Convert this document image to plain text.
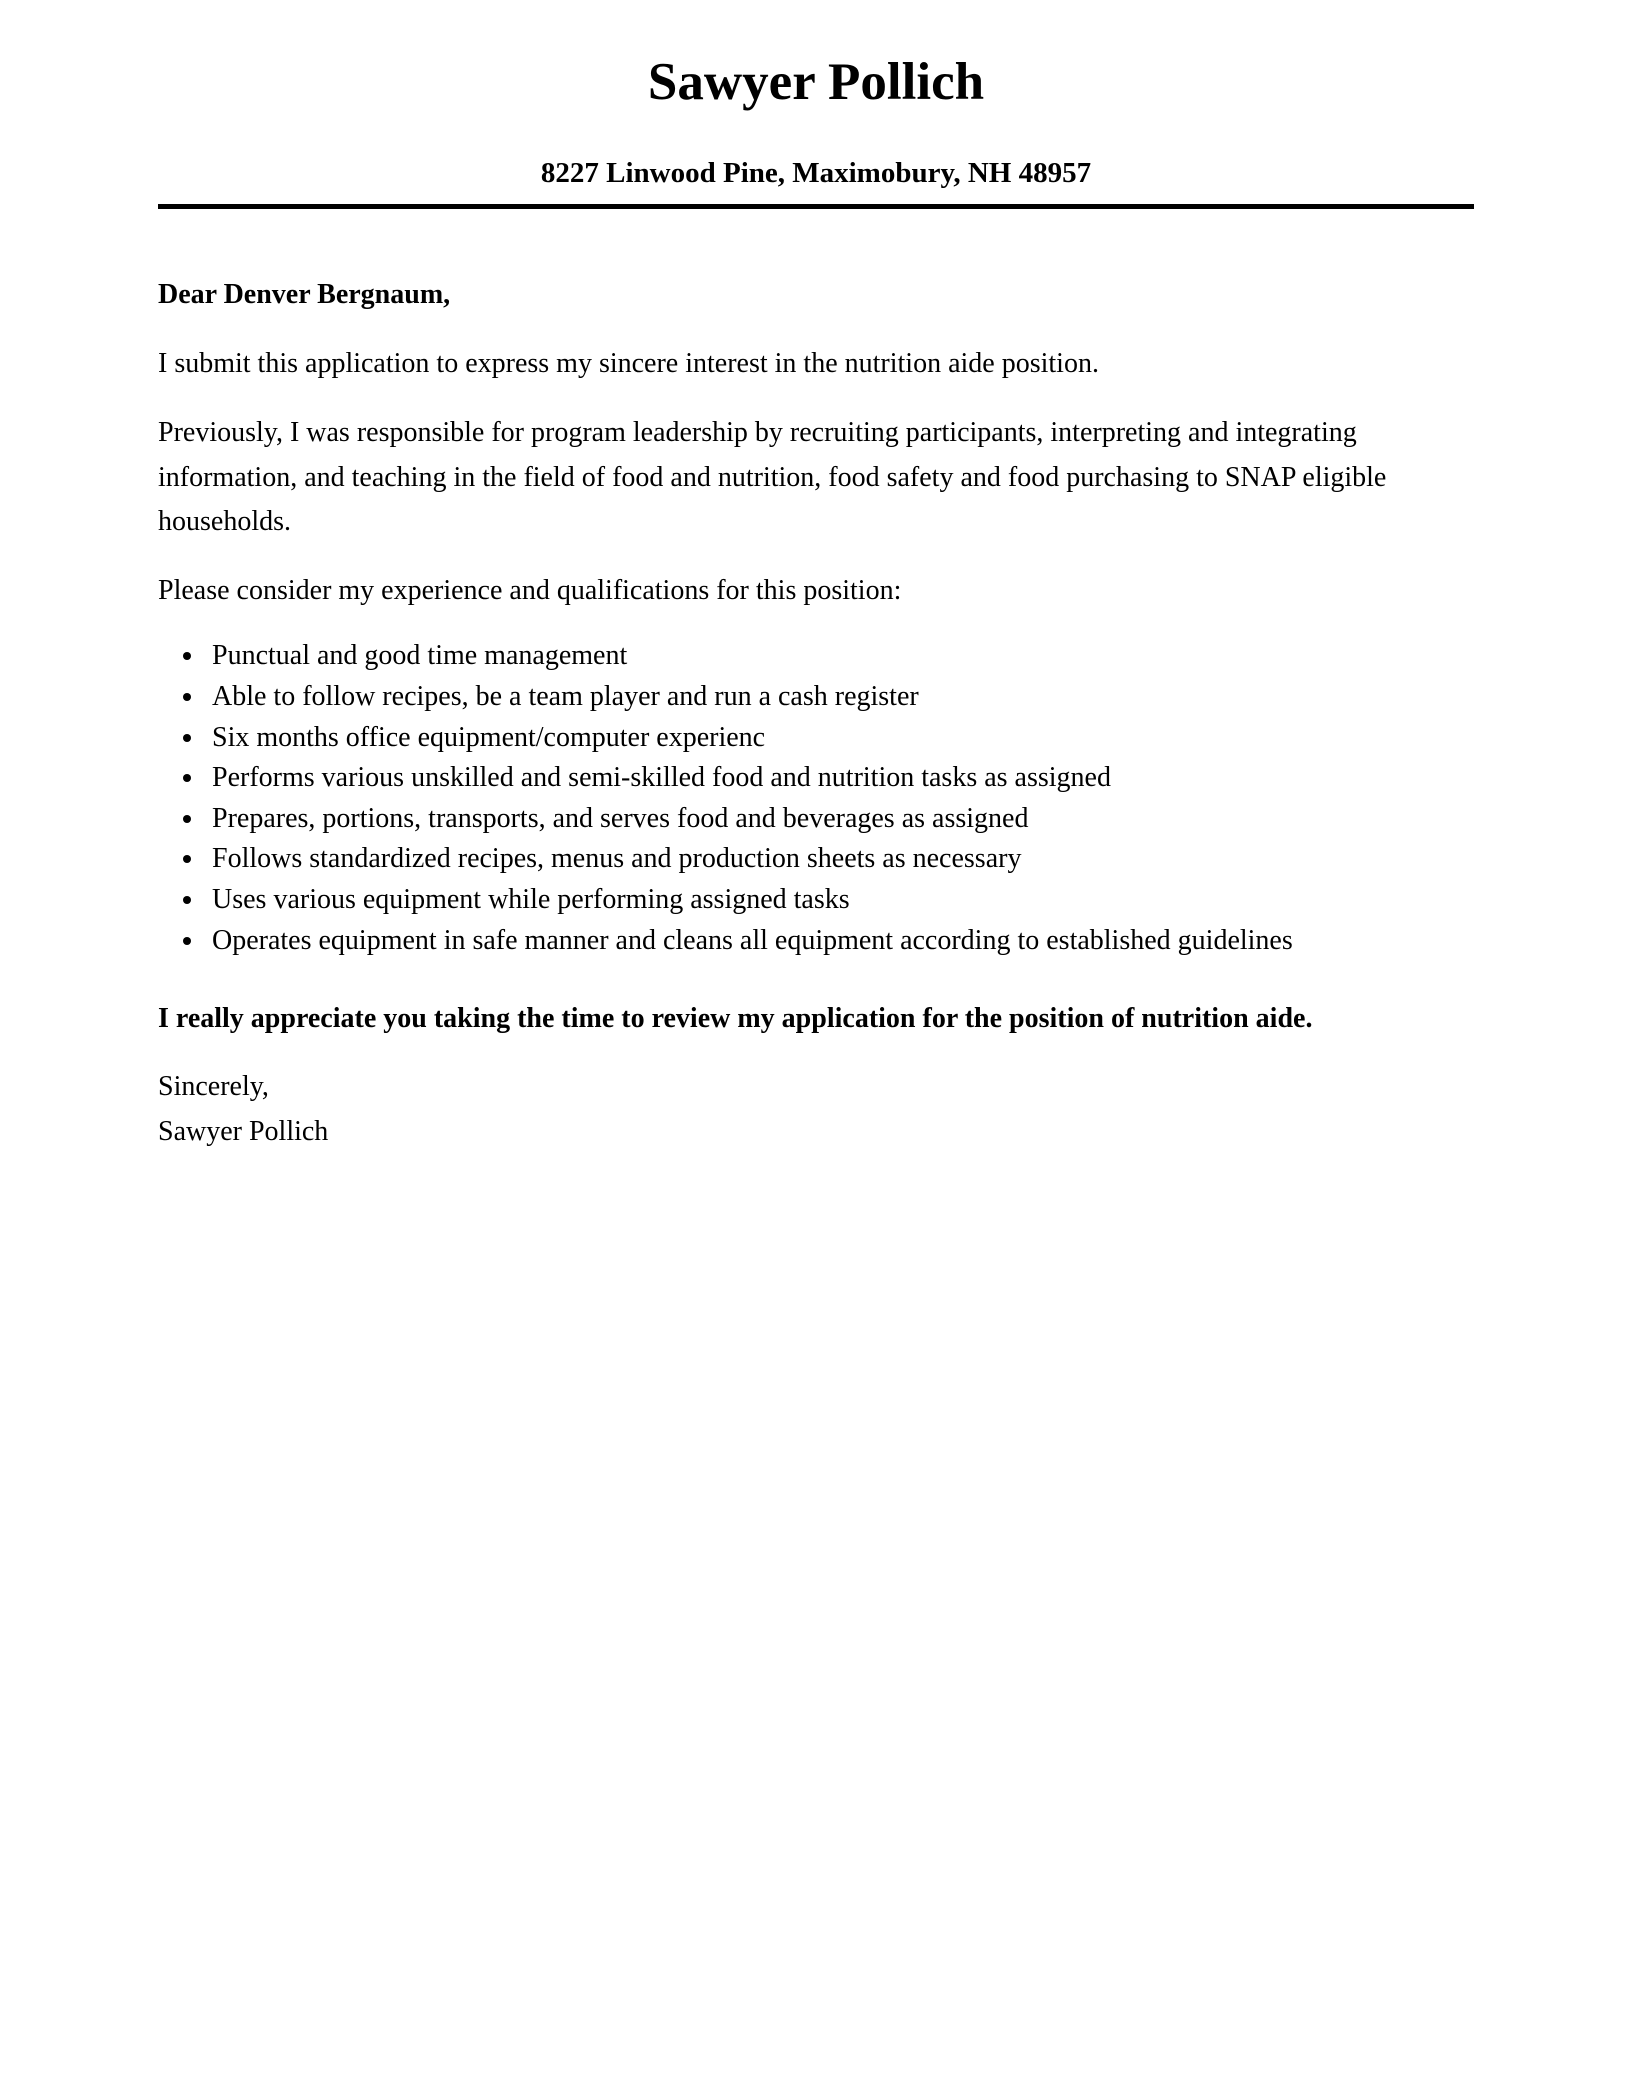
Sawyer Pollich
8227 Linwood Pine, Maximobury, NH 48957

Dear Denver Bergnaum,

I submit this application to express my sincere interest in the nutrition aide position.

Previously, I was responsible for program leadership by recruiting participants, interpreting and integrating information, and teaching in the field of food and nutrition, food safety and food purchasing to SNAP eligible households.

Please consider my experience and qualifications for this position:

• Punctual and good time management
• Able to follow recipes, be a team player and run a cash register
• Six months office equipment/computer experienc
• Performs various unskilled and semi-skilled food and nutrition tasks as assigned
• Prepares, portions, transports, and serves food and beverages as assigned
• Follows standardized recipes, menus and production sheets as necessary
• Uses various equipment while performing assigned tasks
• Operates equipment in safe manner and cleans all equipment according to established guidelines

I really appreciate you taking the time to review my application for the position of nutrition aide.

Sincerely,
Sawyer Pollich
